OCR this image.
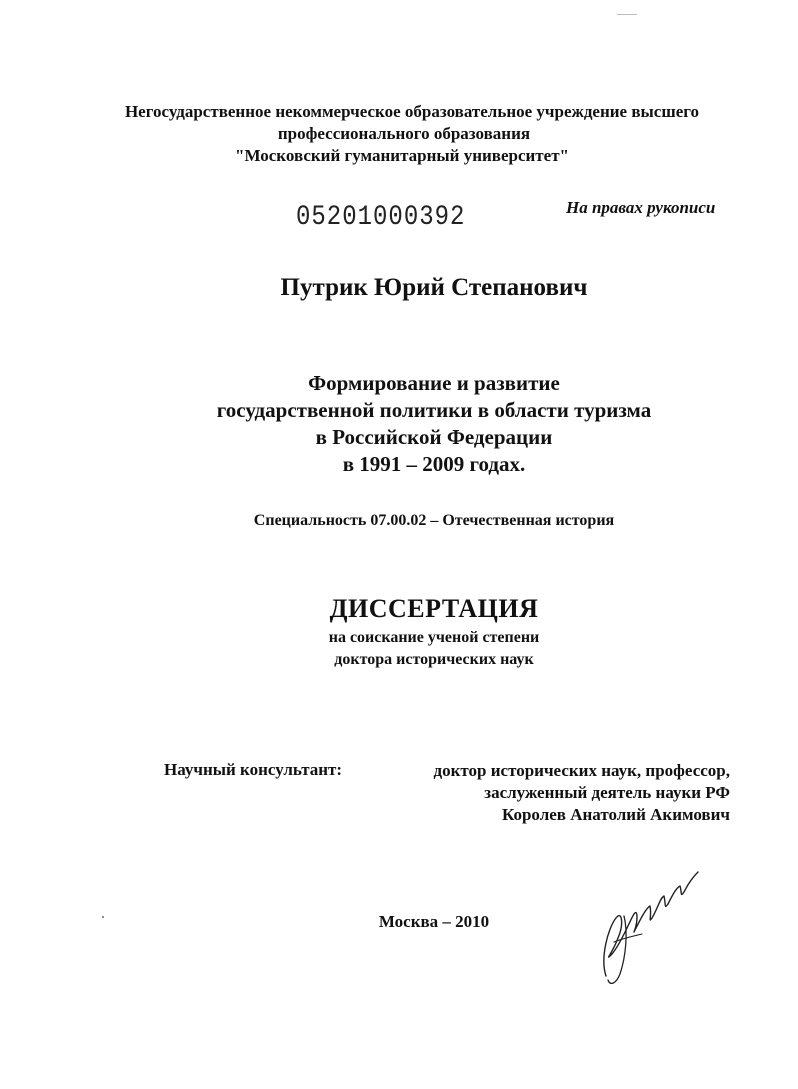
Негосударственное некоммерческое образовательное учреждение высшего
профессионального образования
"Московский гуманитарный университет"
05201000392	На правах рукописи
Путрик Юрий Степанович
Формирование и развитие
государственной политики в области туризма
в Российской Федерации
в 1991 – 2009 годах.
Специальность 07.00.02 – Отечественная история
ДИССЕРТАЦИЯ
на соискание ученой степени
доктора исторических наук
Научный консультант:	доктор исторических наук, профессор,
заслуженный деятель науки РФ
Королев Анатолий Акимович
Москва – 2010
